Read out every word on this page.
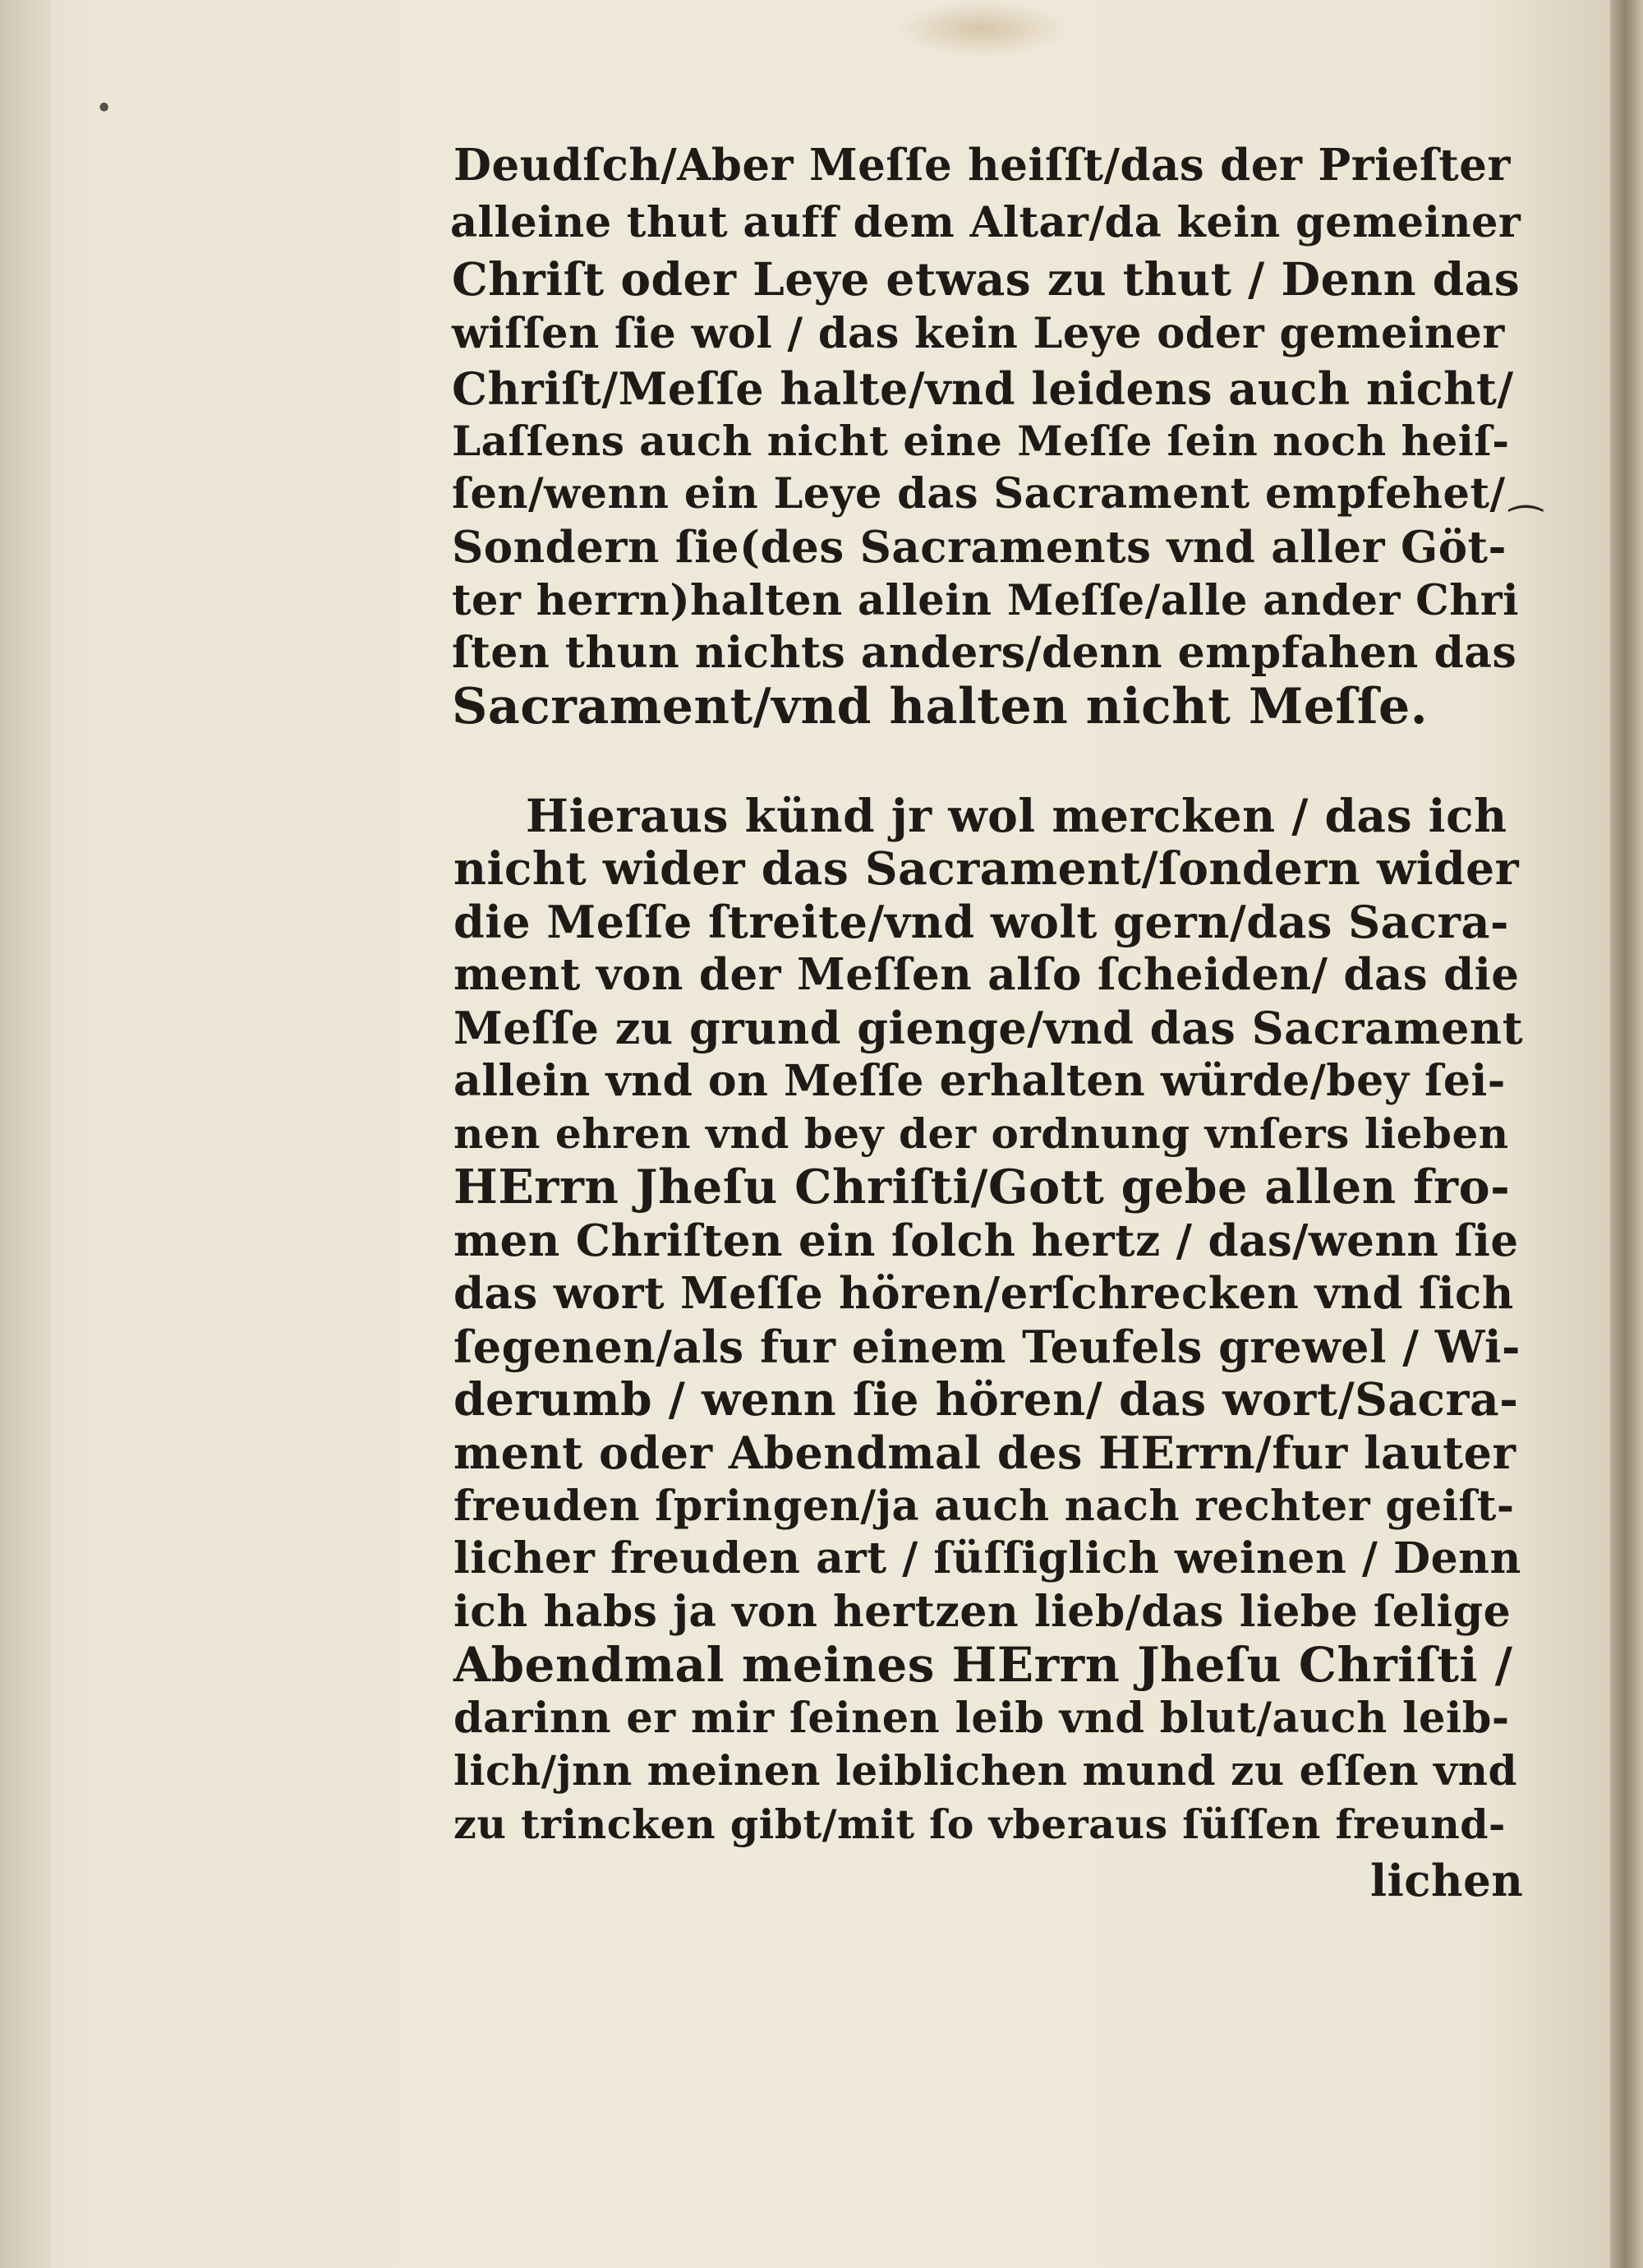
•
⁀
Deudſch/Aber Meſſe heiſſt/das der Prieſter
alleine thut auff dem Altar/da kein gemeiner
Chriſt oder Leye etwas zu thut / Denn das
wiſſen ſie wol / das kein Leye oder gemeiner
Chriſt/Meſſe halte/vnd leidens auch nicht/
Laſſens auch nicht eine Meſſe ſein noch heiſ-
ſen/wenn ein Leye das Sacrament empfehet/
Sondern ſie(des Sacraments vnd aller Göt-
ter herrn)halten allein Meſſe/alle ander Chri
ſten thun nichts anders/denn empfahen das
Sacrament/vnd halten nicht Meſſe.
Hieraus künd jr wol mercken / das ich
nicht wider das Sacrament/ſondern wider
die Meſſe ſtreite/vnd wolt gern/das Sacra-
ment von der Meſſen alſo ſcheiden/ das die
Meſſe zu grund gienge/vnd das Sacrament
allein vnd on Meſſe erhalten würde/bey ſei-
nen ehren vnd bey der ordnung vnſers lieben
HErrn Jheſu Chriſti/Gott gebe allen fro-
men Chriſten ein ſolch hertz / das/wenn ſie
das wort Meſſe hören/erſchrecken vnd ſich
ſegenen/als fur einem Teufels grewel / Wi-
derumb / wenn ſie hören/ das wort/Sacra-
ment oder Abendmal des HErrn/fur lauter
freuden ſpringen/ja auch nach rechter geiſt-
licher freuden art / ſüſſiglich weinen / Denn
ich habs ja von hertzen lieb/das liebe ſelige
Abendmal meines HErrn Jheſu Chriſti /
darinn er mir ſeinen leib vnd blut/auch leib-
lich/jnn meinen leiblichen mund zu eſſen vnd
zu trincken gibt/mit ſo vberaus ſüſſen freund-
lichen
